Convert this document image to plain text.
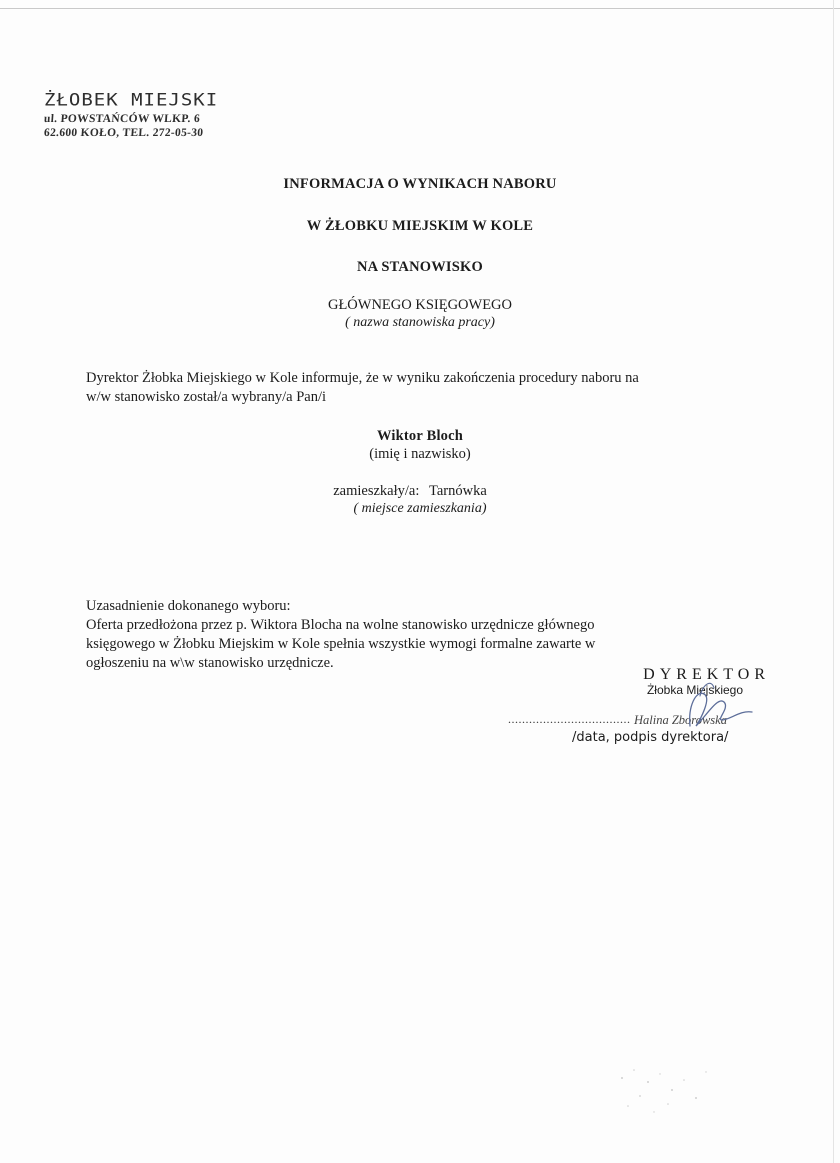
ŻŁOBEK MIEJSKI
ul. POWSTAŃCÓW WLKP. 6
62.600 KOŁO, TEL. 272-05-30
INFORMACJA O WYNIKACH NABORU
W ŻŁOBKU MIEJSKIM W KOLE
NA STANOWISKO
GŁÓWNEGO KSIĘGOWEGO
( nazwa stanowiska pracy)
Dyrektor Żłobka Miejskiego w Kole informuje, że w wyniku zakończenia procedury naboru na
w/w stanowisko został/a wybrany/a Pan/i
Wiktor Bloch
(imię i nazwisko)
zamieszkały/a: Tarnówka
( miejsce zamieszkania)
Uzasadnienie dokonanego wyboru:
Oferta przedłożona przez p. Wiktora Blocha na wolne stanowisko urzędnicze głównego
księgowego w Żłobku Miejskim w Kole spełnia wszystkie wymogi formalne zawarte w
ogłoszeniu na w\w stanowisko urzędnicze.
DYREKTOR
Żłobka Miejskiego
................................... Halina Zborowska
/data, podpis dyrektora/
